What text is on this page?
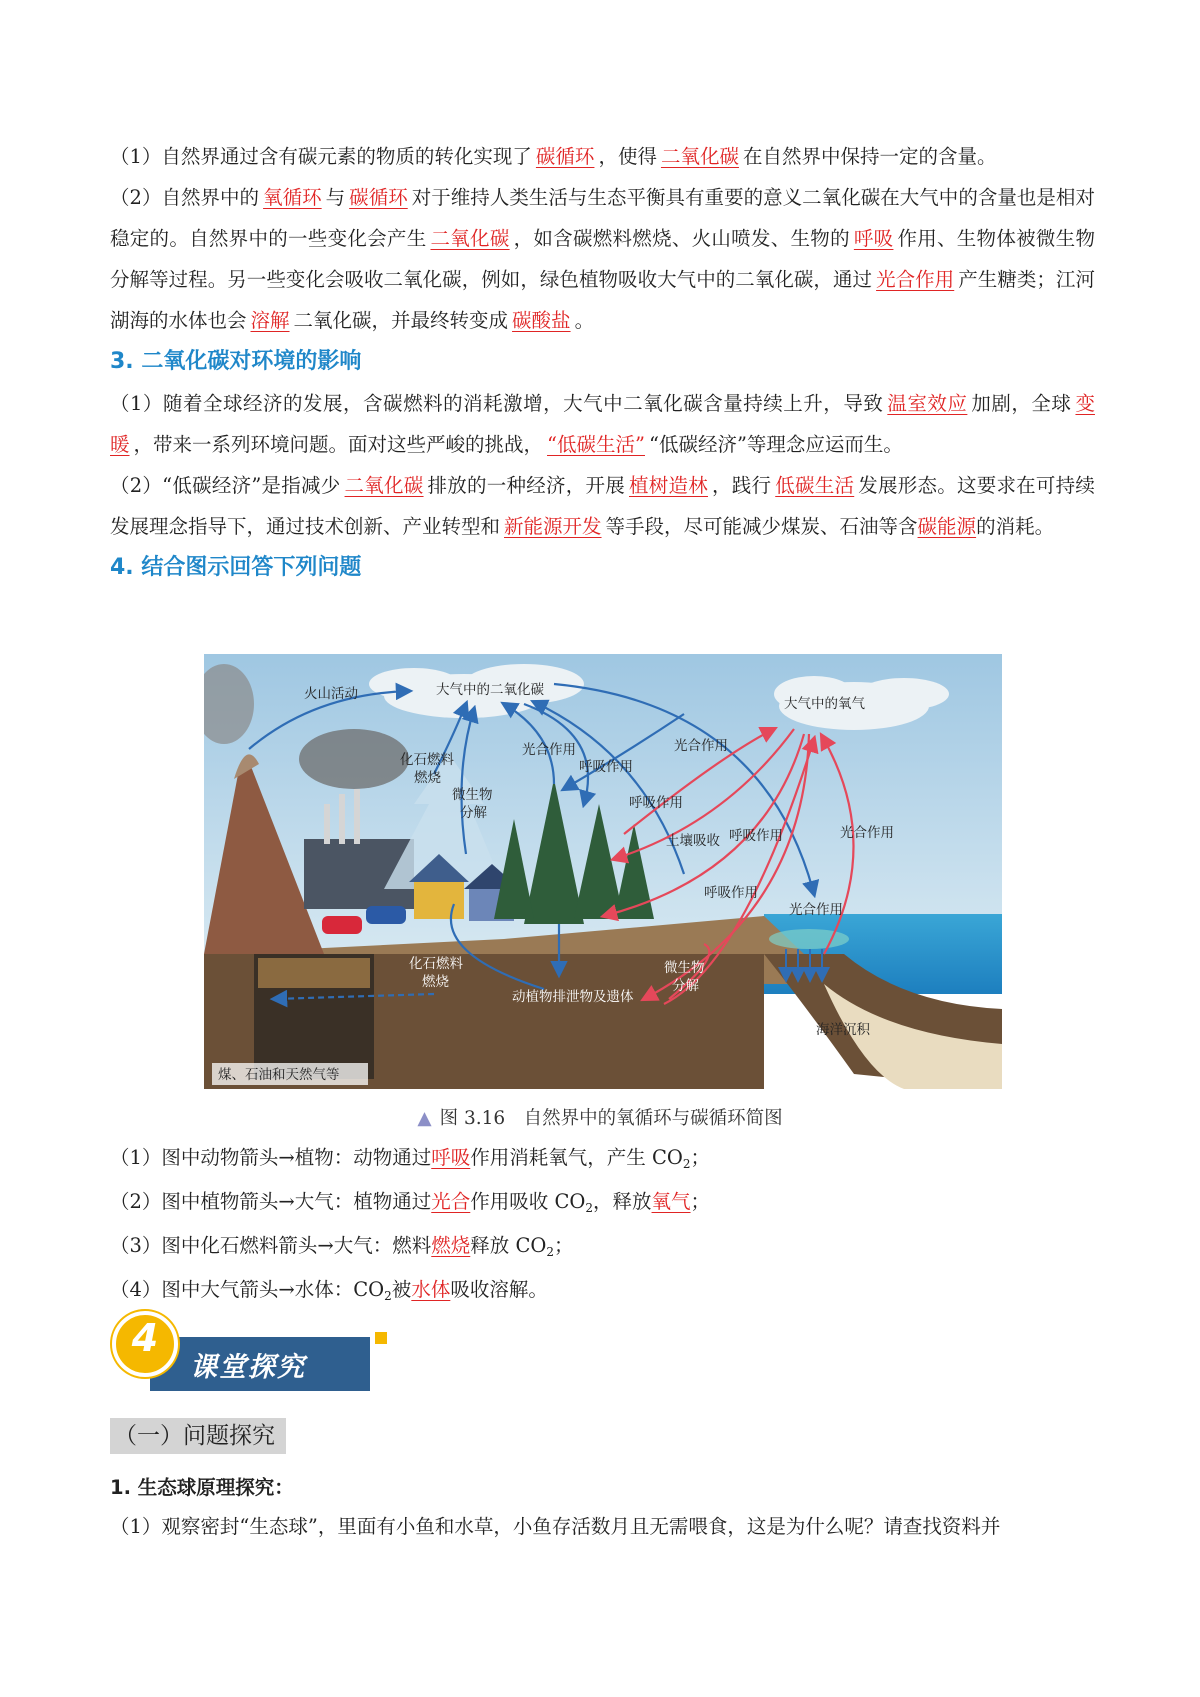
（1）自然界通过含有碳元素的物质的转化实现了 碳循环 ，使得 二氧化碳 在自然界中保持一定的含量。

（2）自然界中的 氧循环 与 碳循环 对于维持人类生活与生态平衡具有重要的意义二氧化碳在大气中的含量也是相对稳定的。自然界中的一些变化会产生 二氧化碳 ，如含碳燃料燃烧、火山喷发、生物的 呼吸 作用、生物体被微生物分解等过程。另一些变化会吸收二氧化碳，例如，绿色植物吸收大气中的二氧化碳，通过 光合作用 产生糖类；江河湖海的水体也会 溶解 二氧化碳，并最终转变成 碳酸盐 。

3. 二氧化碳对环境的影响

（1）随着全球经济的发展，含碳燃料的消耗激增，大气中二氧化碳含量持续上升，导致 温室效应 加剧，全球 变暖 ，带来一系列环境问题。面对这些严峻的挑战， “低碳生活” “低碳经济”等理念应运而生。

（2）“低碳经济”是指减少 二氧化碳 排放的一种经济，开展 植树造林 ，践行 低碳生活 发展形态。这要求在可持续发展理念指导下，通过技术创新、产业转型和 新能源开发 等手段，尽可能减少煤炭、石油等含碳能源的消耗。

4. 结合图示回答下列问题
火山活动	大气中的二氧化碳
大气中的氧气
化石燃料
燃烧
微生物
分解
光合作用
呼吸作用
呼吸作用
光合作用
土壤吸收 呼吸作用	光合作用
呼吸作用
光合作用
化石燃料
燃烧
微生物
分解
动植物排泄物及遗体
煤、石油和天然气等
海洋沉积
▲ 图 3.16　自然界中的氧循环与碳循环简图

（1）图中动物箭头→植物：动物通过呼吸作用消耗氧气，产生 $CO_2$；

（2）图中植物箭头→大气：植物通过光合作用吸收 $CO_2$，释放氧气；

（3）图中化石燃料箭头→大气：燃料燃烧释放 $CO_2$；

（4）图中大气箭头→水体：$CO_2$被水体吸收溶解。

课堂探究
4
（一）问题探究
1. 生态球原理探究：
（1）观察密封“生态球”，里面有小鱼和水草，小鱼存活数月且无需喂食，这是为什么呢？请查找资料并
